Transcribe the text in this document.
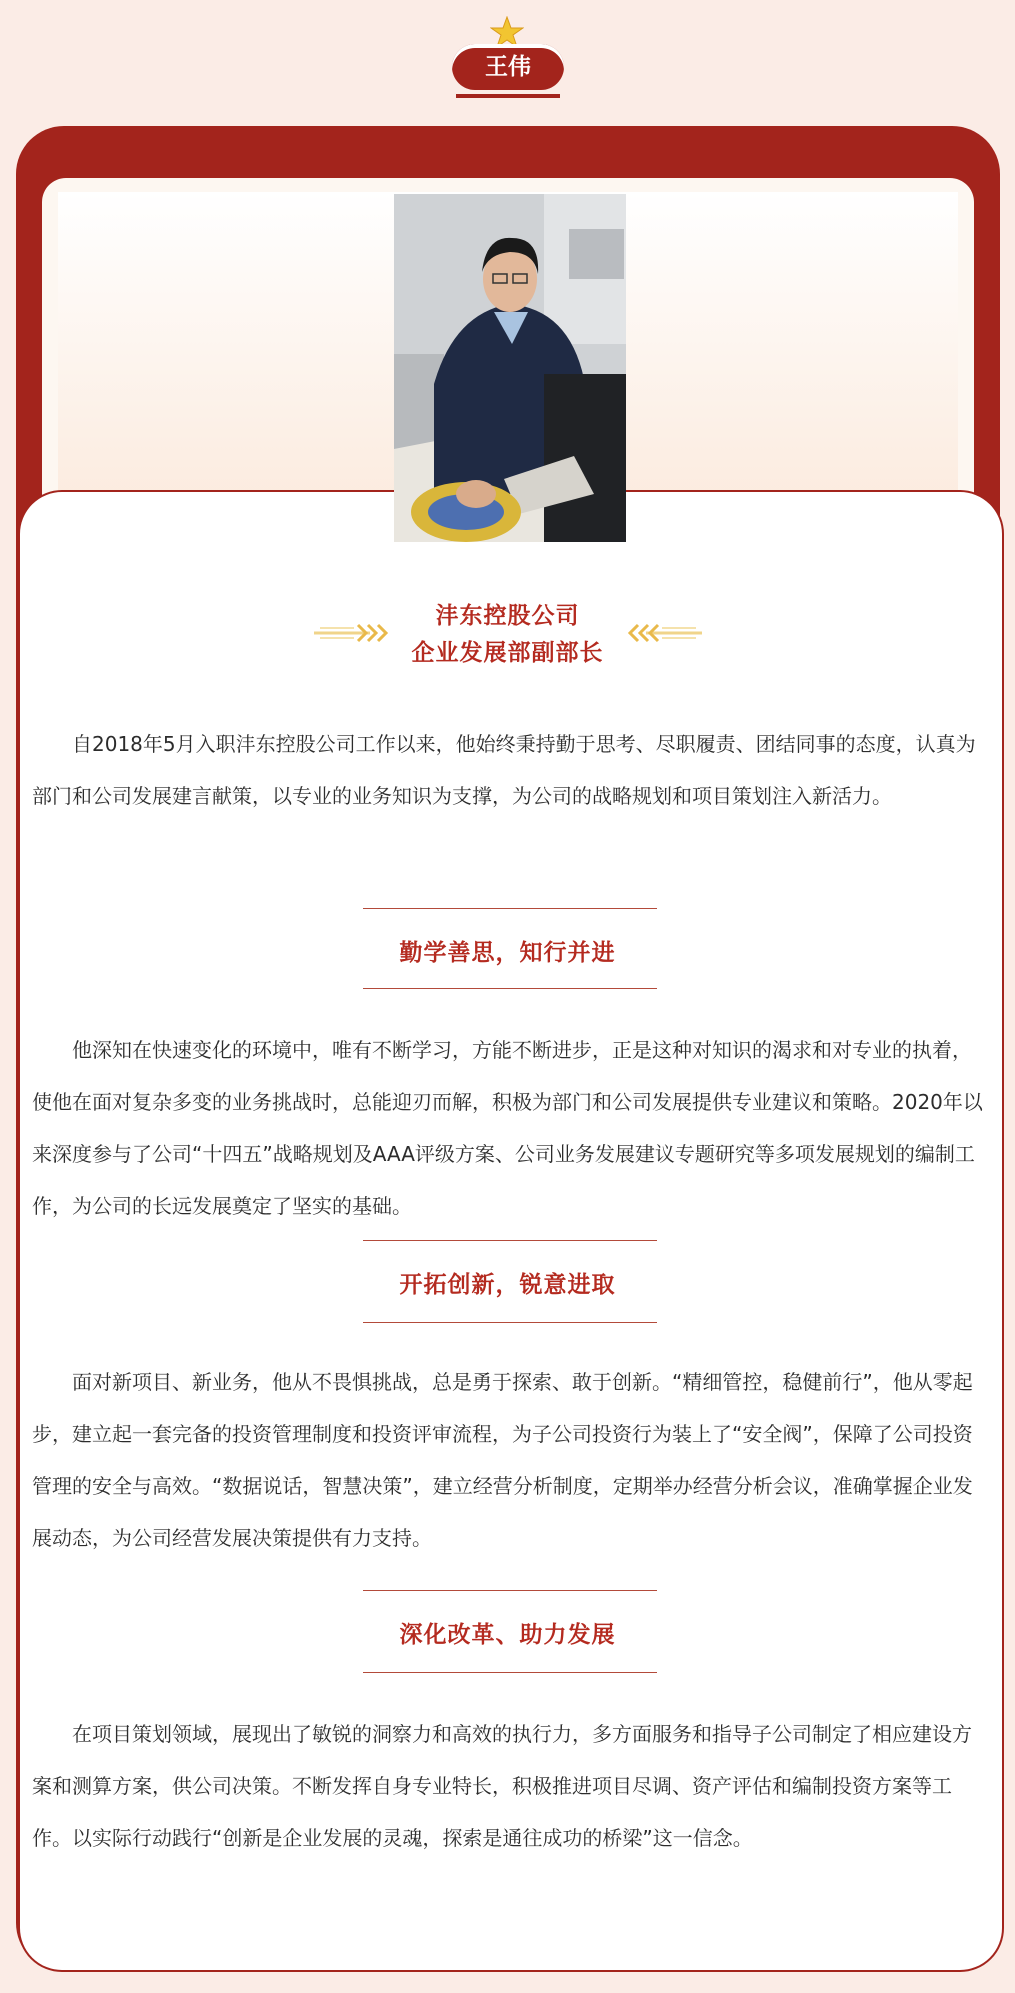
王伟
沣东控股公司
企业发展部副部长
自2018年5月入职沣东控股公司工作以来，他始终秉持勤于思考、尽职履责、团结同事的态度，认真为部门和公司发展建言献策，以专业的业务知识为支撑，为公司的战略规划和项目策划注入新活力。
勤学善思，知行并进
他深知在快速变化的环境中，唯有不断学习，方能不断进步，正是这种对知识的渴求和对专业的执着，使他在面对复杂多变的业务挑战时，总能迎刃而解，积极为部门和公司发展提供专业建议和策略。2020年以来深度参与了公司“十四五”战略规划及AAA评级方案、公司业务发展建议专题研究等多项发展规划的编制工作，为公司的长远发展奠定了坚实的基础。
开拓创新，锐意进取
面对新项目、新业务，他从不畏惧挑战，总是勇于探索、敢于创新。“精细管控，稳健前行”，他从零起步，建立起一套完备的投资管理制度和投资评审流程，为子公司投资行为装上了“安全阀”，保障了公司投资管理的安全与高效。“数据说话，智慧决策”，建立经营分析制度，定期举办经营分析会议，准确掌握企业发展动态，为公司经营发展决策提供有力支持。
深化改革、助力发展
在项目策划领域，展现出了敏锐的洞察力和高效的执行力，多方面服务和指导子公司制定了相应建设方案和测算方案，供公司决策。不断发挥自身专业特长，积极推进项目尽调、资产评估和编制投资方案等工作。以实际行动践行“创新是企业发展的灵魂，探索是通往成功的桥梁”这一信念。
